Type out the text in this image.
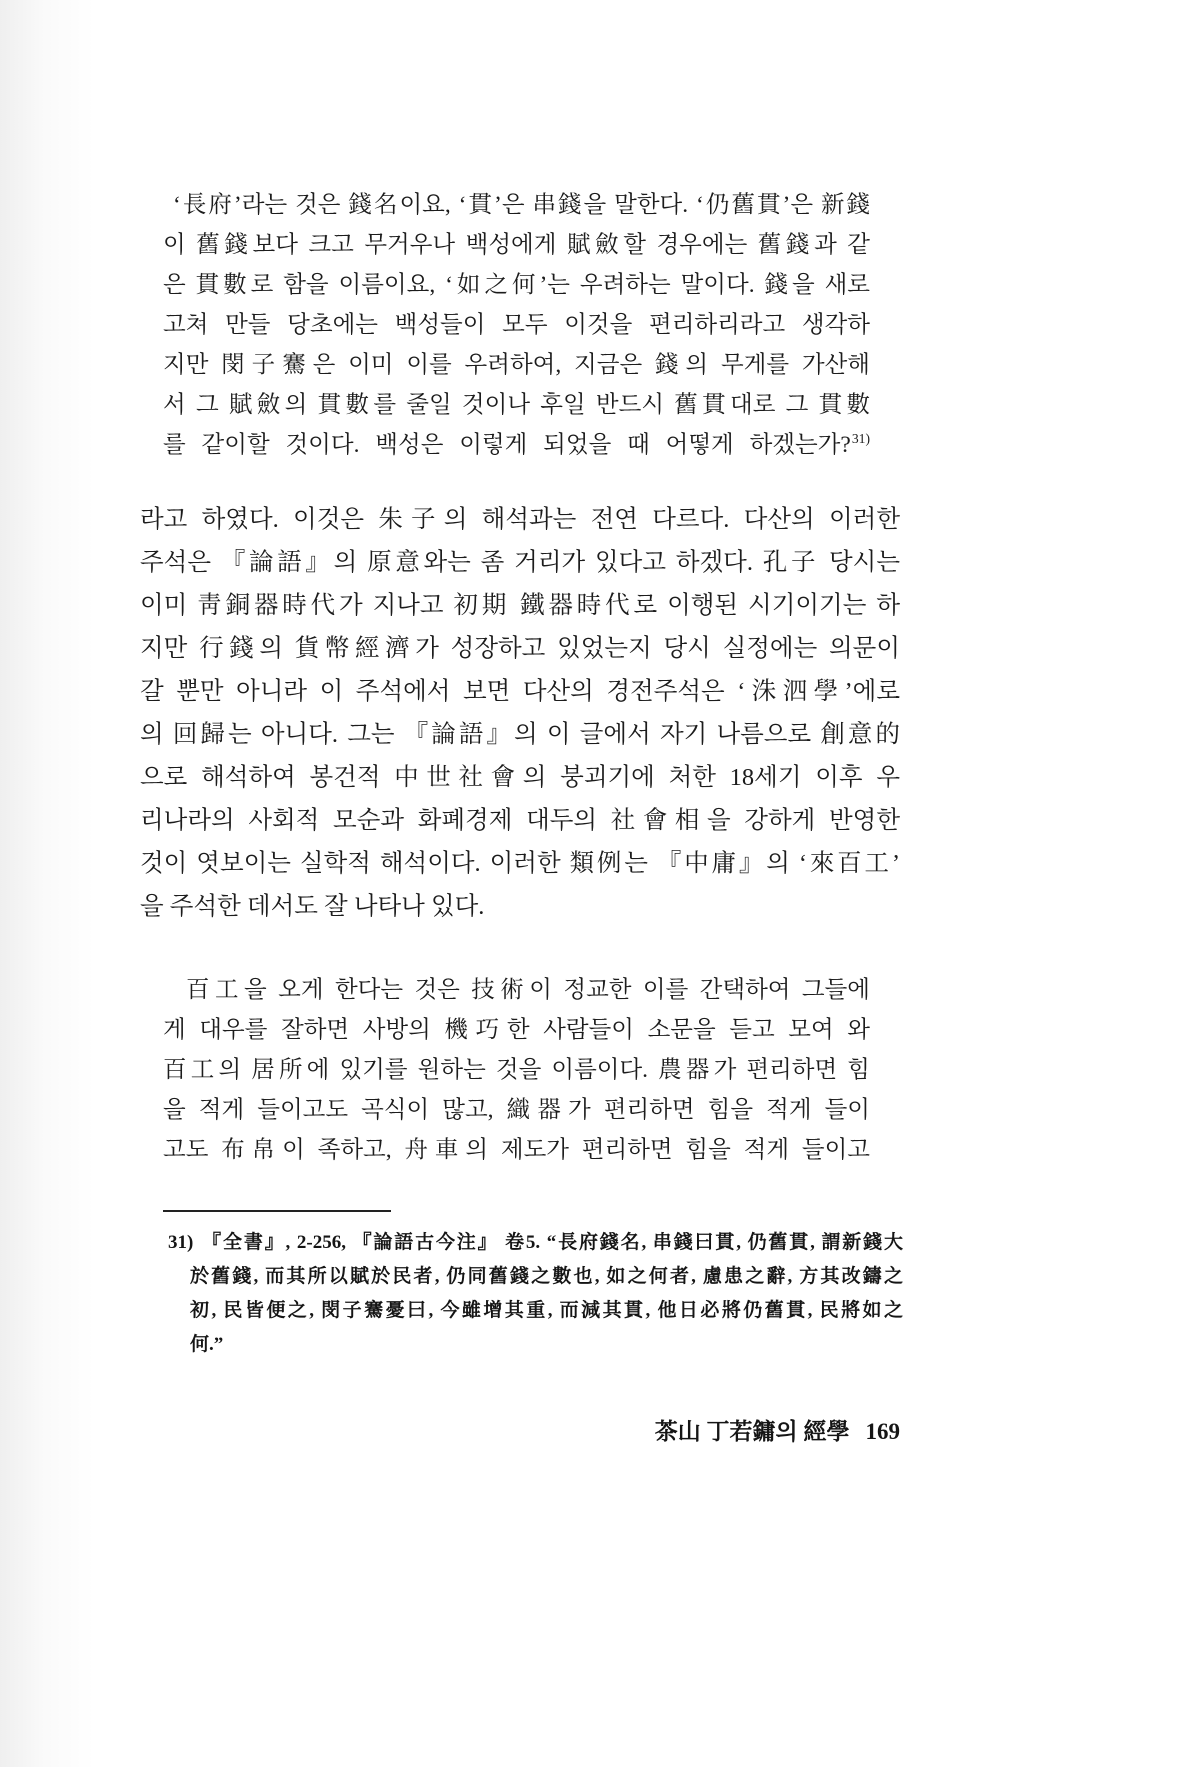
‘長府’라는 것은 錢名이요, ‘貫’은 串錢을 말한다. ‘仍舊貫’은 新錢
이 舊錢보다 크고 무거우나 백성에게 賦斂할 경우에는 舊錢과 같
은 貫數로 함을 이름이요, ‘如之何’는 우려하는 말이다. 錢을 새로
고쳐 만들 당초에는 백성들이 모두 이것을 편리하리라고 생각하
지만 閔子騫은 이미 이를 우려하여, 지금은 錢의 무게를 가산해
서 그 賦斂의 貫數를 줄일 것이나 후일 반드시 舊貫대로 그 貫數
를 같이할 것이다. 백성은 이렇게 되었을 때 어떻게 하겠는가?$^{31)}$
라고 하였다. 이것은 朱子의 해석과는 전연 다르다. 다산의 이러한
주석은 『論語』의 原意와는 좀 거리가 있다고 하겠다. 孔子 당시는
이미 靑銅器時代가 지나고 初期 鐵器時代로 이행된 시기이기는 하
지만 行錢의 貨幣經濟가 성장하고 있었는지 당시 실정에는 의문이
갈 뿐만 아니라 이 주석에서 보면 다산의 경전주석은 ‘洙泗學’에로
의 回歸는 아니다. 그는 『論語』의 이 글에서 자기 나름으로 創意的
으로 해석하여 봉건적 中世社會의 붕괴기에 처한 18세기 이후 우
리나라의 사회적 모순과 화폐경제 대두의 社會相을 강하게 반영한
것이 엿보이는 실학적 해석이다. 이러한 類例는 『中庸』의 ‘來百工’
을 주석한 데서도 잘 나타나 있다.
百工을 오게 한다는 것은 技術이 정교한 이를 간택하여 그들에
게 대우를 잘하면 사방의 機巧한 사람들이 소문을 듣고 모여 와
百工의 居所에 있기를 원하는 것을 이름이다. 農器가 편리하면 힘
을 적게 들이고도 곡식이 많고, 織器가 편리하면 힘을 적게 들이
고도 布帛이 족하고, 舟車의 제도가 편리하면 힘을 적게 들이고
31) 『全書』, 2-256, 『論語古今注』 卷5. “長府錢名, 串錢曰貫, 仍舊貫, 謂新錢大
於舊錢, 而其所以賦於民者, 仍同舊錢之數也, 如之何者, 慮患之辭, 方其改鑄之
初, 民皆便之, 閔子騫憂曰, 今雖增其重, 而減其貫, 他日必將仍舊貫, 民將如之
何.”
茶山 丁若鏞의 經學 169
